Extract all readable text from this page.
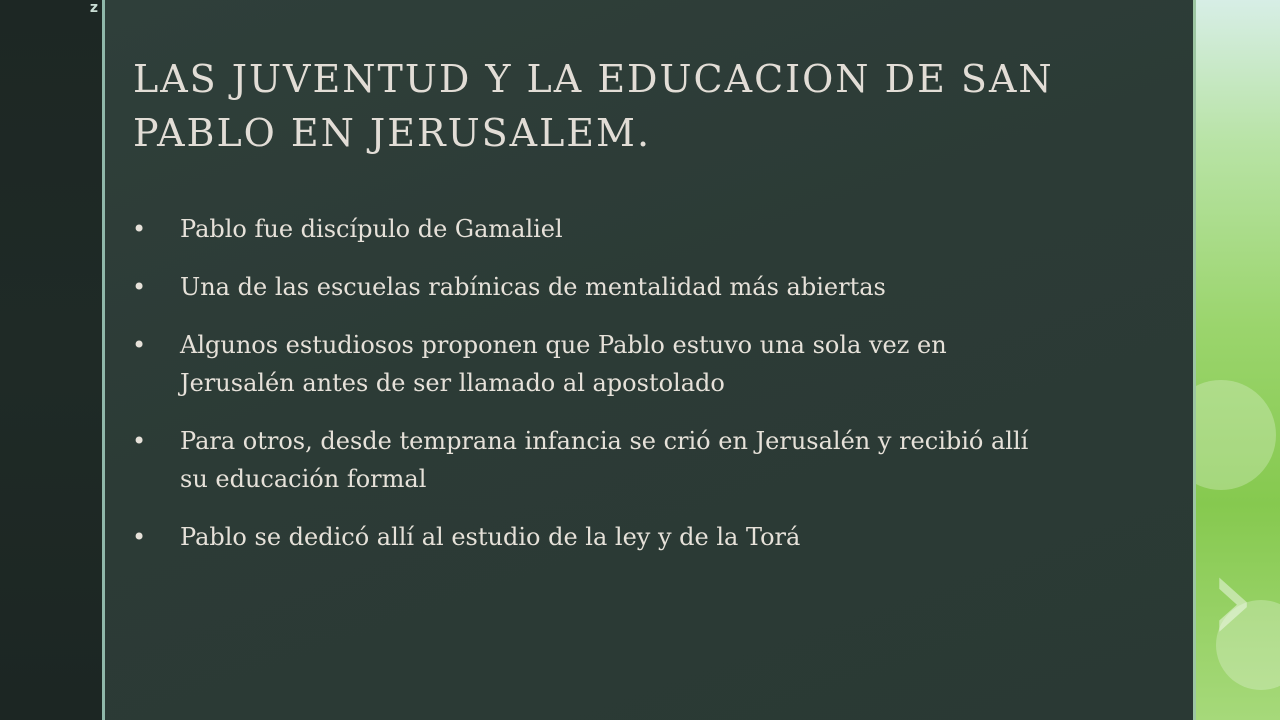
z
›
LAS JUVENTUD Y LA EDUCACION DE SAN PABLO EN JERUSALEM.
• Pablo fue discípulo de Gamaliel
• Una de las escuelas rabínicas de mentalidad más abiertas
• Algunos estudiosos proponen que Pablo estuvo una sola vez en Jerusalén antes de ser llamado al apostolado
• Para otros, desde temprana infancia se crió en Jerusalén y recibió allí su educación formal
• Pablo se dedicó allí al estudio de la ley y de la Torá
